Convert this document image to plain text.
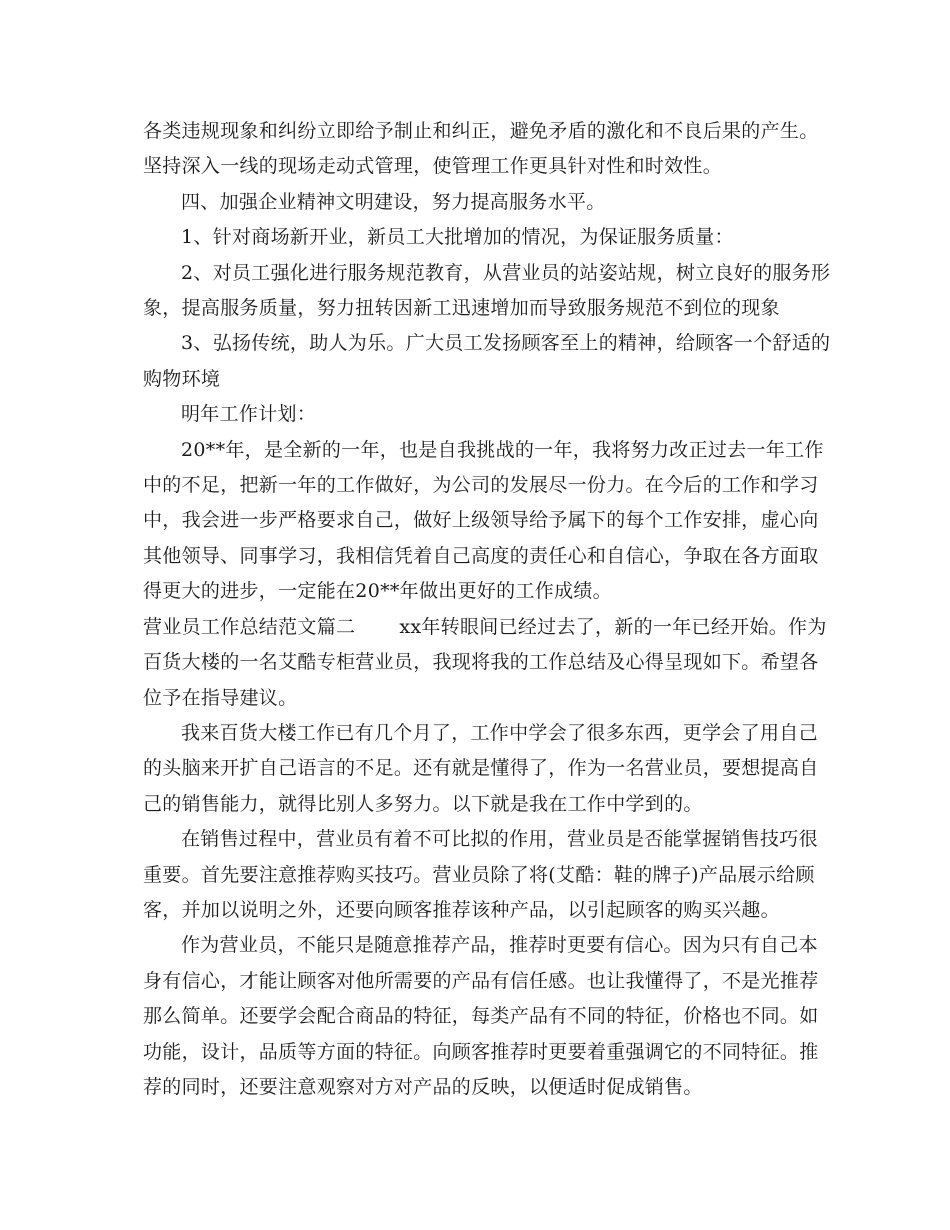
各类违规现象和纠纷立即给予制止和纠正，避免矛盾的激化和不良后果的产生。
坚持深入一线的现场走动式管理，使管理工作更具针对性和时效性。
四、加强企业精神文明建设，努力提高服务水平。
1、针对商场新开业，新员工大批增加的情况，为保证服务质量：
2、对员工强化进行服务规范教育，从营业员的站姿站规，树立良好的服务形
象，提高服务质量，努力扭转因新工迅速增加而导致服务规范不到位的现象
3、弘扬传统，助人为乐。广大员工发扬顾客至上的精神，给顾客一个舒适的
购物环境
明年工作计划：
20**年，是全新的一年，也是自我挑战的一年，我将努力改正过去一年工作
中的不足，把新一年的工作做好，为公司的发展尽一份力。在今后的工作和学习
中，我会进一步严格要求自己，做好上级领导给予属下的每个工作安排，虚心向
其他领导、同事学习，我相信凭着自己高度的责任心和自信心，争取在各方面取
得更大的进步，一定能在20**年做出更好的工作成绩。
营业员工作总结范文篇二 xx年转眼间已经过去了，新的一年已经开始。作为
百货大楼的一名艾酷专柜营业员，我现将我的工作总结及心得呈现如下。希望各
位予在指导建议。
我来百货大楼工作已有几个月了，工作中学会了很多东西，更学会了用自己
的头脑来开扩自己语言的不足。还有就是懂得了，作为一名营业员，要想提高自
己的销售能力，就得比别人多努力。以下就是我在工作中学到的。
在销售过程中，营业员有着不可比拟的作用，营业员是否能掌握销售技巧很
重要。首先要注意推荐购买技巧。营业员除了将(艾酷：鞋的牌子)产品展示给顾
客，并加以说明之外，还要向顾客推荐该种产品，以引起顾客的购买兴趣。
作为营业员，不能只是随意推荐产品，推荐时更要有信心。因为只有自己本
身有信心，才能让顾客对他所需要的产品有信任感。也让我懂得了，不是光推荐
那么简单。还要学会配合商品的特征，每类产品有不同的特征，价格也不同。如
功能，设计，品质等方面的特征。向顾客推荐时更要着重强调它的不同特征。推
荐的同时，还要注意观察对方对产品的反映，以便适时促成销售。
